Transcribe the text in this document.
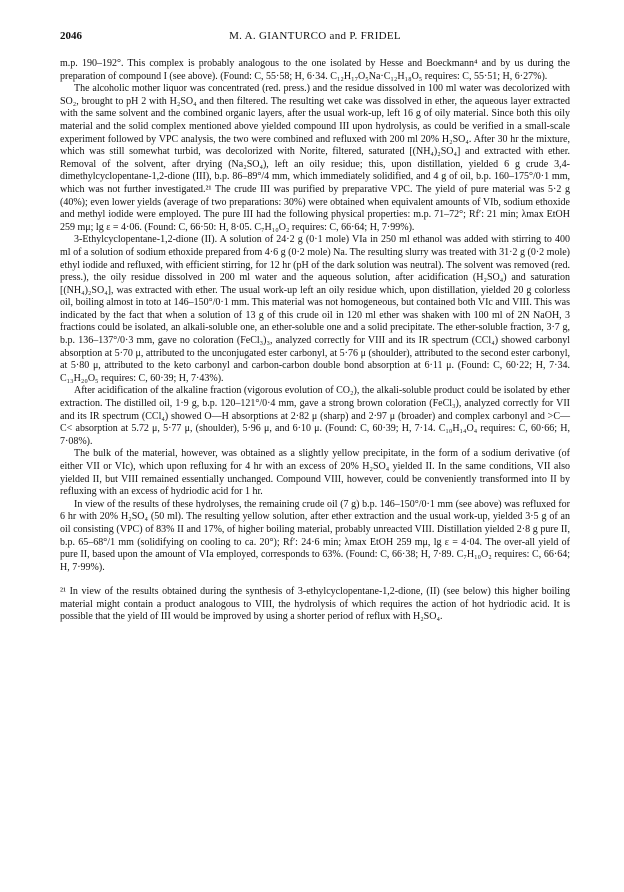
2046	M. A. GIANTURCO and P. FRIDEL

m.p. 190–192°. This complex is probably analogous to the one isolated by Hesse and Boeckmann⁴ and by us during the preparation of compound I (see above). (Found: C, 55·58; H, 6·34. C₁₂H₁₇O₅Na·C₁₂H₁₈O₅ requires: C, 55·51; H, 6·27%).

The alcoholic mother liquor was concentrated (red. press.) and the residue dissolved in 100 ml water was decolorized with SO₂, brought to pH 2 with H₂SO₄ and then filtered. The resulting wet cake was dissolved in ether, the aqueous layer extracted with the same solvent and the combined organic layers, after the usual work-up, left 16 g of oily material. Since both this oily material and the solid complex mentioned above yielded compound III upon hydrolysis, as could be verified in a small-scale experiment followed by VPC analysis, the two were combined and refluxed with 200 ml 20% H₂SO₄. After 30 hr the mixture, which was still somewhat turbid, was decolorized with Norite, filtered, saturated [(NH₄)₂SO₄] and extracted with ether. Removal of the solvent, after drying (Na₂SO₄), left an oily residue; this, upon distillation, yielded 6 g crude 3,4-dimethylcyclopentane-1,2-dione (III), b.p. 86–89°/4 mm, which immediately solidified, and 4 g of oil, b.p. 160–175°/0·1 mm, which was not further investigated.²¹ The crude III was purified by preparative VPC. The yield of pure material was 5·2 g (40%); even lower yields (average of two preparations: 30%) were obtained when equivalent amounts of VIb, sodium ethoxide and methyl iodide were employed. The pure III had the following physical properties: m.p. 71–72°; Rf′: 21 min; λmax EtOH 259 mμ; lg ε = 4·06. (Found: C, 66·50: H, 8·05. C₇H₁₀O₂ requires: C, 66·64; H, 7·99%).

3-Ethylcyclopentane-1,2-dione (II). A solution of 24·2 g (0·1 mole) VIa in 250 ml ethanol was added with stirring to 400 ml of a solution of sodium ethoxide prepared from 4·6 g (0·2 mole) Na. The resulting slurry was treated with 31·2 g (0·2 mole) ethyl iodide and refluxed, with efficient stirring, for 12 hr (pH of the dark solution was neutral). The solvent was removed (red. press.), the oily residue dissolved in 200 ml water and the aqueous solution, after acidification (H₂SO₄) and saturation [(NH₄)₂SO₄], was extracted with ether. The usual work-up left an oily residue which, upon distillation, yielded 20 g colorless oil, boiling almost in toto at 146–150°/0·1 mm. This material was not homogeneous, but contained both VIc and VIII. This was indicated by the fact that when a solution of 13 g of this crude oil in 120 ml ether was shaken with 100 ml of 2N NaOH, 3 fractions could be isolated, an alkali-soluble one, an ether-soluble one and a solid precipitate. The ether-soluble fraction, 3·7 g, b.p. 136–137°/0·3 mm, gave no coloration (FeCl₃)₃, analyzed correctly for VIII and its IR spectrum (CCl₄) showed carbonyl absorption at 5·70 μ, attributed to the unconjugated ester carbonyl, at 5·76 μ (shoulder), attributed to the second ester carbonyl, at 5·80 μ, attributed to the keto carbonyl and carbon-carbon double bond absorption at 6·11 μ. (Found: C, 60·22; H, 7·34. C₁₃H₂₀O₅ requires: C, 60·39; H, 7·43%).

After acidification of the alkaline fraction (vigorous evolution of CO₂), the alkali-soluble product could be isolated by ether extraction. The distilled oil, 1·9 g, b.p. 120–121°/0·4 mm, gave a strong brown coloration (FeCl₃), analyzed correctly for VII and its IR spectrum (CCl₄) showed O—H absorptions at 2·82 μ (sharp) and 2·97 μ (broader) and complex carbonyl and >C—C< absorption at 5.72 μ, 5·77 μ, (shoulder), 5·96 μ, and 6·10 μ. (Found: C, 60·39; H, 7·14. C₁₀H₁₄O₄ requires: C, 60·66; H, 7·08%).

The bulk of the material, however, was obtained as a slightly yellow precipitate, in the form of a sodium derivative (of either VII or VIc), which upon refluxing for 4 hr with an excess of 20% H₂SO₄ yielded II. In the same conditions, VII also yielded II, but VIII remained essentially unchanged. Compound VIII, however, could be conveniently transformed into II by refluxing with an excess of hydriodic acid for 1 hr.

In view of the results of these hydrolyses, the remaining crude oil (7 g) b.p. 146–150°/0·1 mm (see above) was refluxed for 6 hr with 20% H₂SO₄ (50 ml). The resulting yellow solution, after ether extraction and the usual work-up, yielded 3·5 g of an oil consisting (VPC) of 83% II and 17%, of higher boiling material, probably unreacted VIII. Distillation yielded 2·8 g pure II, b.p. 65–68°/1 mm (solidifying on cooling to ca. 20°); Rf′: 24·6 min; λmax EtOH 259 mμ, lg ε = 4·04. The over-all yield of pure II, based upon the amount of VIa employed, corresponds to 63%. (Found: C, 66·38; H, 7·89. C₇H₁₀O₂ requires: C, 66·64; H, 7·99%).

²¹ In view of the results obtained during the synthesis of 3-ethylcyclopentane-1,2-dione, (II) (see below) this higher boiling material might contain a product analogous to VIII, the hydrolysis of which requires the action of hot hydriodic acid. It is possible that the yield of III would be improved by using a shorter period of reflux with H₂SO₄.
